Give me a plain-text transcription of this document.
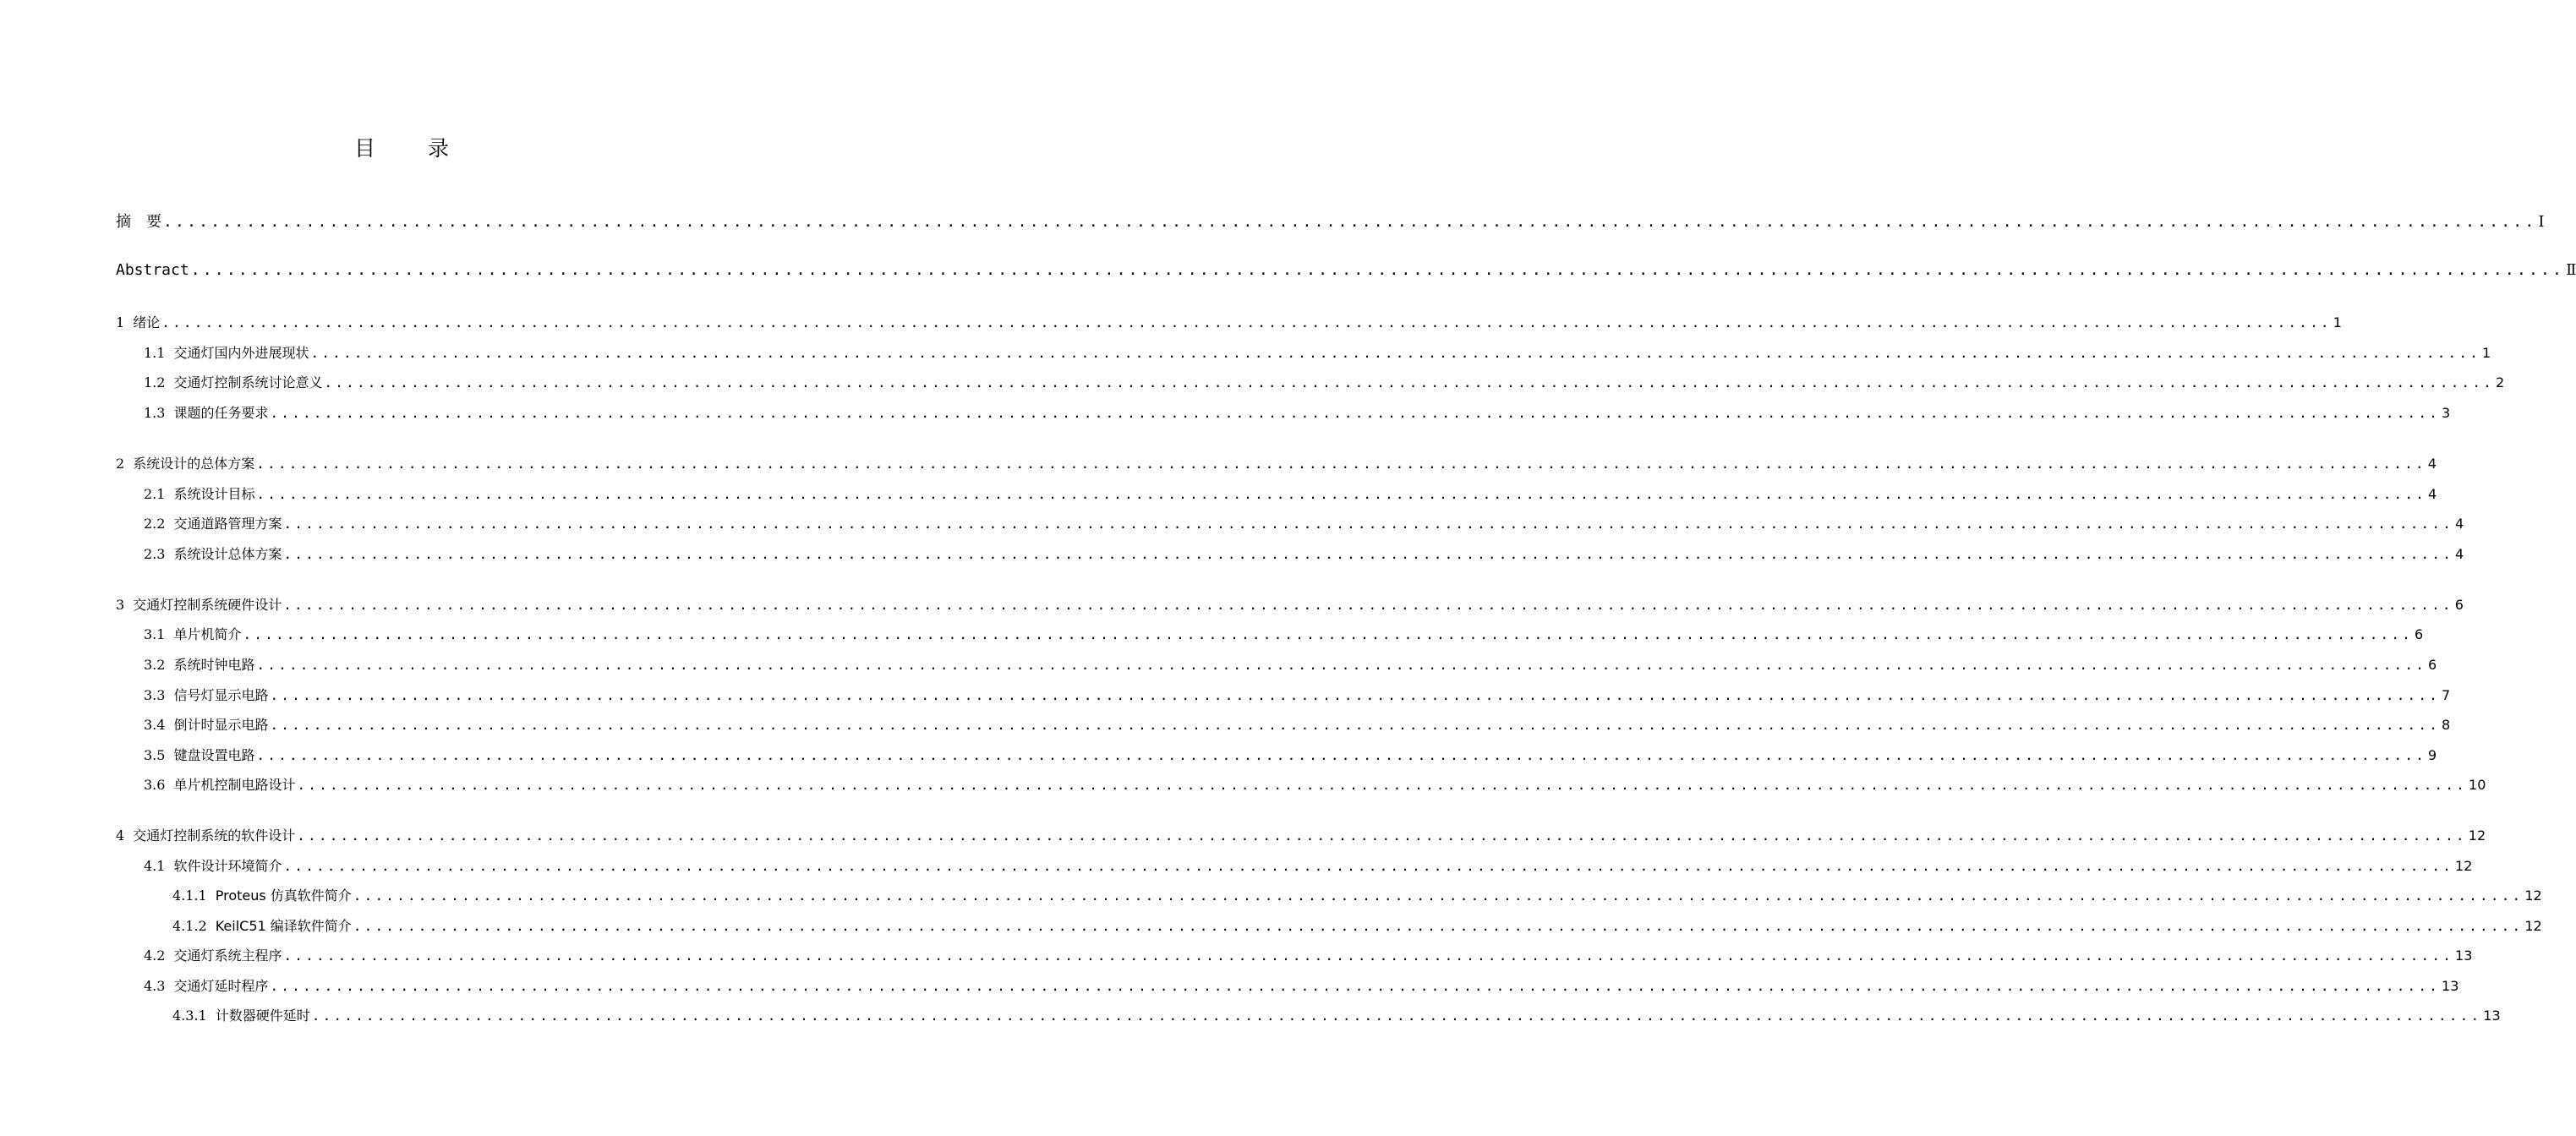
目 录
摘　要 ........................................................................................................................................................................................................ Ⅰ
Abstract ........................................................................................................................................................................................................ Ⅱ
1 绪论 ........................................................................................................................................................................................................ 1
1.1 交通灯国内外进展现状 ........................................................................................................................................................................................................ 1
1.2 交通灯控制系统讨论意义 ........................................................................................................................................................................................................ 2
1.3 课题的任务要求 ........................................................................................................................................................................................................ 3
2 系统设计的总体方案 ........................................................................................................................................................................................................ 4
2.1 系统设计目标 ........................................................................................................................................................................................................ 4
2.2 交通道路管理方案 ........................................................................................................................................................................................................ 4
2.3 系统设计总体方案 ........................................................................................................................................................................................................ 4
3 交通灯控制系统硬件设计 ........................................................................................................................................................................................................ 6
3.1 单片机简介 ........................................................................................................................................................................................................ 6
3.2 系统时钟电路 ........................................................................................................................................................................................................ 6
3.3 信号灯显示电路 ........................................................................................................................................................................................................ 7
3.4 倒计时显示电路 ........................................................................................................................................................................................................ 8
3.5 键盘设置电路 ........................................................................................................................................................................................................ 9
3.6 单片机控制电路设计 ........................................................................................................................................................................................................ 10
4 交通灯控制系统的软件设计 ........................................................................................................................................................................................................ 12
4.1 软件设计环境简介 ........................................................................................................................................................................................................ 12
4.1.1 Proteus 仿真软件简介 ........................................................................................................................................................................................................ 12
4.1.2 KeilC51 编译软件简介 ........................................................................................................................................................................................................ 12
4.2 交通灯系统主程序 ........................................................................................................................................................................................................ 13
4.3 交通灯延时程序 ........................................................................................................................................................................................................ 13
4.3.1 计数器硬件延时 ........................................................................................................................................................................................................ 13
